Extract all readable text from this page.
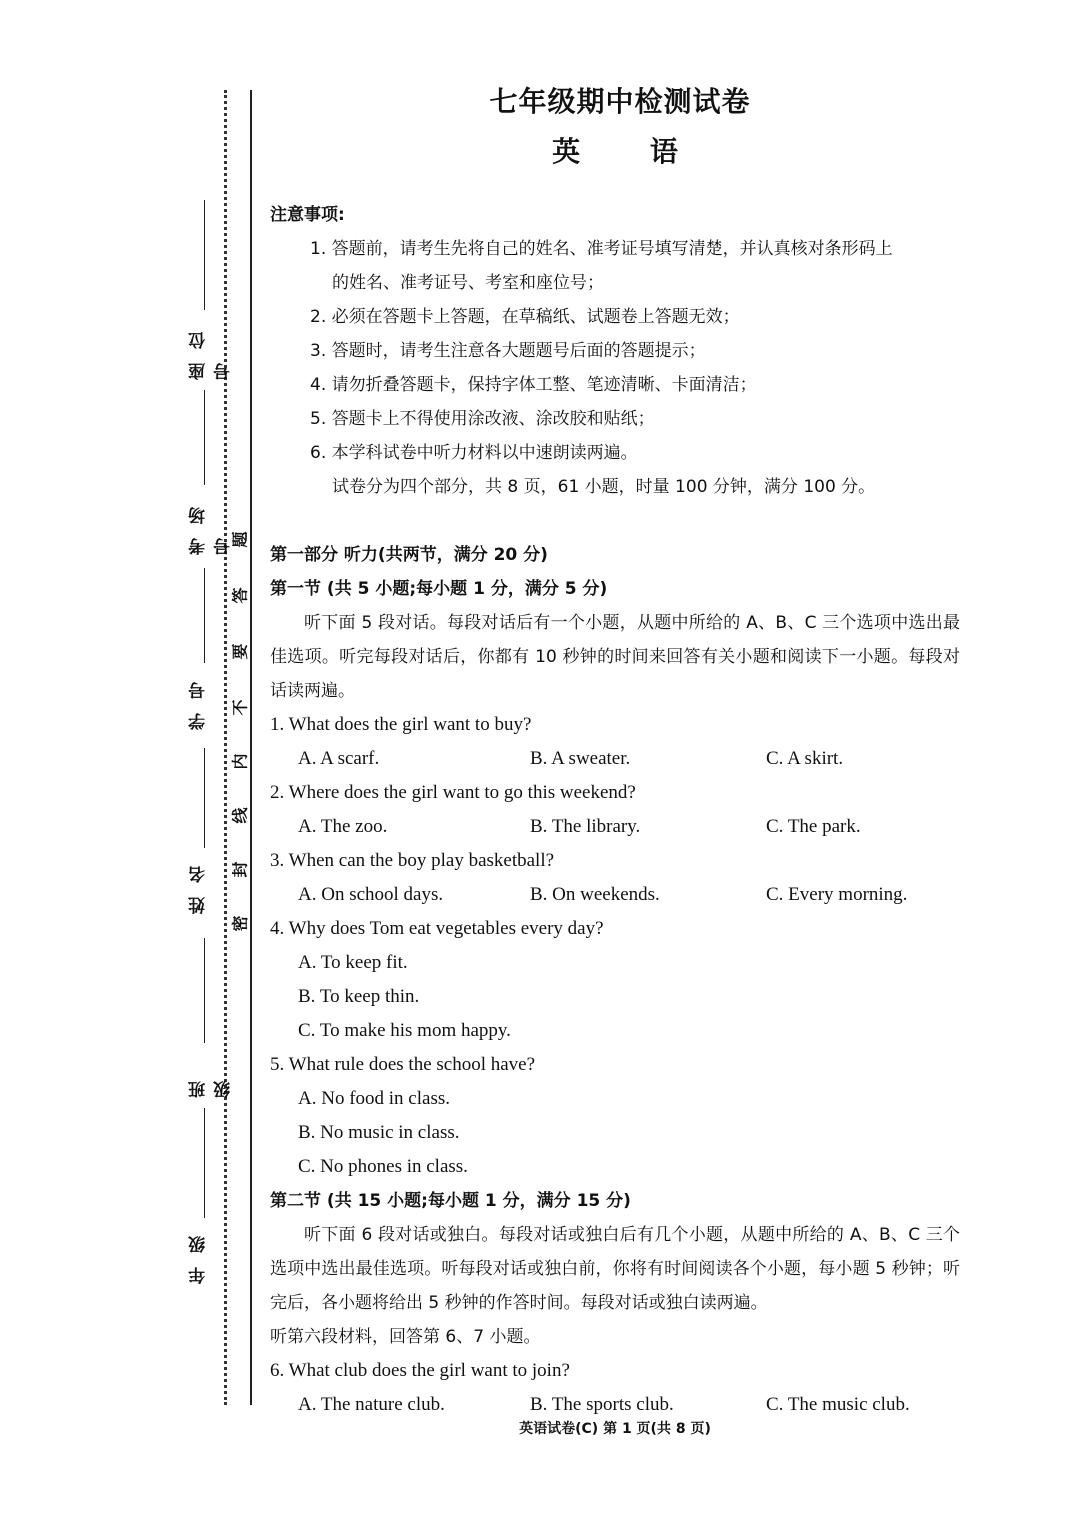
座位号
考场号
学号
姓名
班级
年级
题
答
要
不
内
线
封
密
七年级期中检测试卷
英 语
注意事项:
1. 答题前，请考生先将自己的姓名、准考证号填写清楚，并认真核对条形码上
的姓名、准考证号、考室和座位号；
2. 必须在答题卡上答题，在草稿纸、试题卷上答题无效；
3. 答题时，请考生注意各大题题号后面的答题提示；
4. 请勿折叠答题卡，保持字体工整、笔迹清晰、卡面清洁；
5. 答题卡上不得使用涂改液、涂改胶和贴纸；
6. 本学科试卷中听力材料以中速朗读两遍。
试卷分为四个部分，共 8 页，61 小题，时量 100 分钟，满分 100 分。
第一部分 听力(共两节，满分 20 分)
第一节 (共 5 小题;每小题 1 分，满分 5 分)
听下面 5 段对话。每段对话后有一个小题，从题中所给的 A、B、C 三个选项中选出最佳选项。听完每段对话后，你都有 10 秒钟的时间来回答有关小题和阅读下一小题。每段对话读两遍。
1. What does the girl want to buy?
A. A scarf.	B. A sweater.	C. A skirt.
2. Where does the girl want to go this weekend?
A. The zoo.	B. The library.	C. The park.
3. When can the boy play basketball?
A. On school days.	B. On weekends.	C. Every morning.
4. Why does Tom eat vegetables every day?
A. To keep fit.
B. To keep thin.
C. To make his mom happy.
5. What rule does the school have?
A. No food in class.
B. No music in class.
C. No phones in class.
第二节 (共 15 小题;每小题 1 分，满分 15 分)
听下面 6 段对话或独白。每段对话或独白后有几个小题，从题中所给的 A、B、C 三个选项中选出最佳选项。听每段对话或独白前，你将有时间阅读各个小题，每小题 5 秒钟；听完后，各小题将给出 5 秒钟的作答时间。每段对话或独白读两遍。
听第六段材料，回答第 6、7 小题。
6. What club does the girl want to join?
A. The nature club.	B. The sports club.	C. The music club.
英语试卷(C) 第 1 页(共 8 页)
